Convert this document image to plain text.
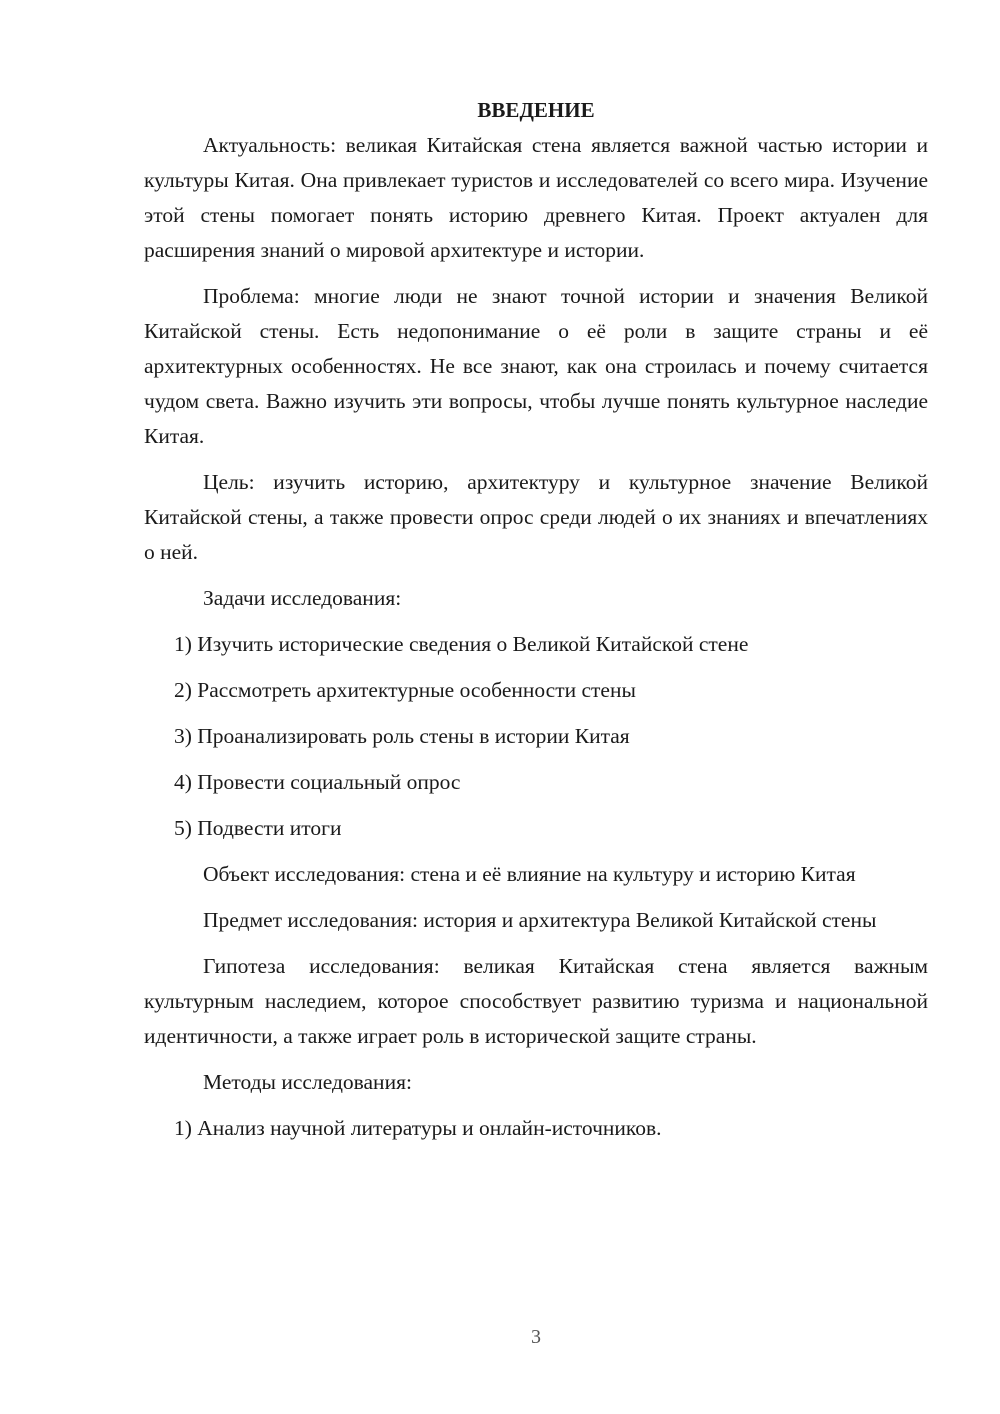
ВВЕДЕНИЕ

Актуальность: великая Китайская стена является важной частью истории и культуры Китая. Она привлекает туристов и исследователей со всего мира. Изучение этой стены помогает понять историю древнего Китая. Проект актуален для расширения знаний о мировой архитектуре и истории.

Проблема: многие люди не знают точной истории и значения Великой Китайской стены. Есть недопонимание о её роли в защите страны и её архитектурных особенностях. Не все знают, как она строилась и почему считается чудом света. Важно изучить эти вопросы, чтобы лучше понять культурное наследие Китая.

Цель: изучить историю, архитектуру и культурное значение Великой Китайской стены, а также провести опрос среди людей о их знаниях и впечатлениях о ней.

Задачи исследования:

1) Изучить исторические сведения о Великой Китайской стене

2) Рассмотреть архитектурные особенности стены

3) Проанализировать роль стены в истории Китая

4) Провести социальный опрос

5) Подвести итоги

Объект исследования: стена и её влияние на культуру и историю Китая

Предмет исследования: история и архитектура Великой Китайской стены

Гипотеза исследования: великая Китайская стена является важным культурным наследием, которое способствует развитию туризма и национальной идентичности, а также играет роль в исторической защите страны.

Методы исследования:

1) Анализ научной литературы и онлайн-источников.

3
